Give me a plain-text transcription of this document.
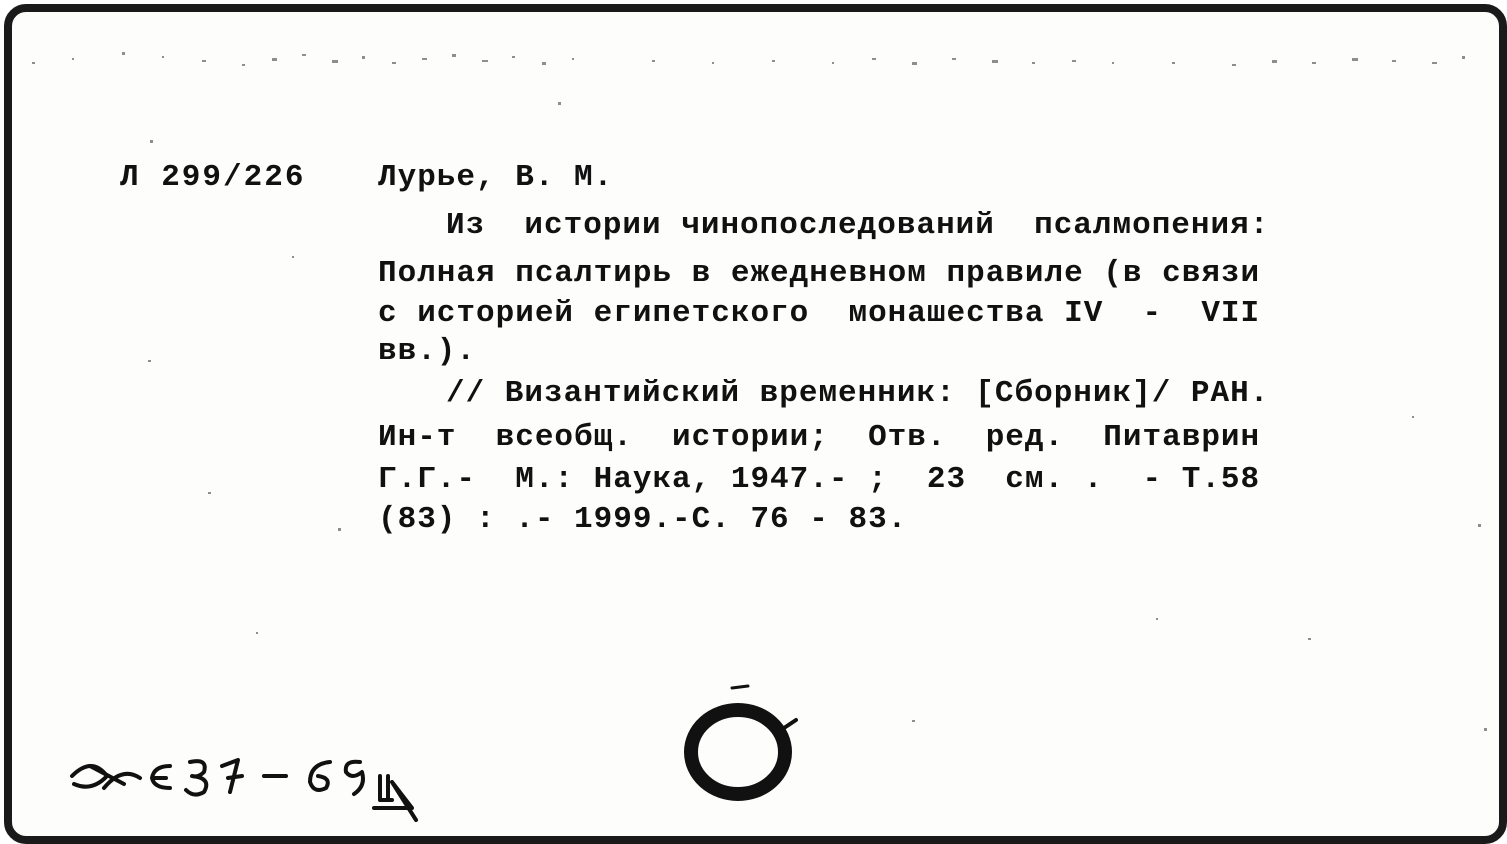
Л 299/226 Лурье, В. М.
Из  истории чинопоследований  псалмопения:
Полная псалтирь в ежедневном правиле (в связи
с историей египетского  монашества IV  -  VII
вв.).
// Византийский временник: [Сборник]/ РАН.
Ин-т  всеобщ.  истории;  Отв.  ред.  Питаврин
Г.Г.-  М.: Наука, 1947.- ;  23  см. .  - Т.58
(83) : .- 1999.-С. 76 - 83.
